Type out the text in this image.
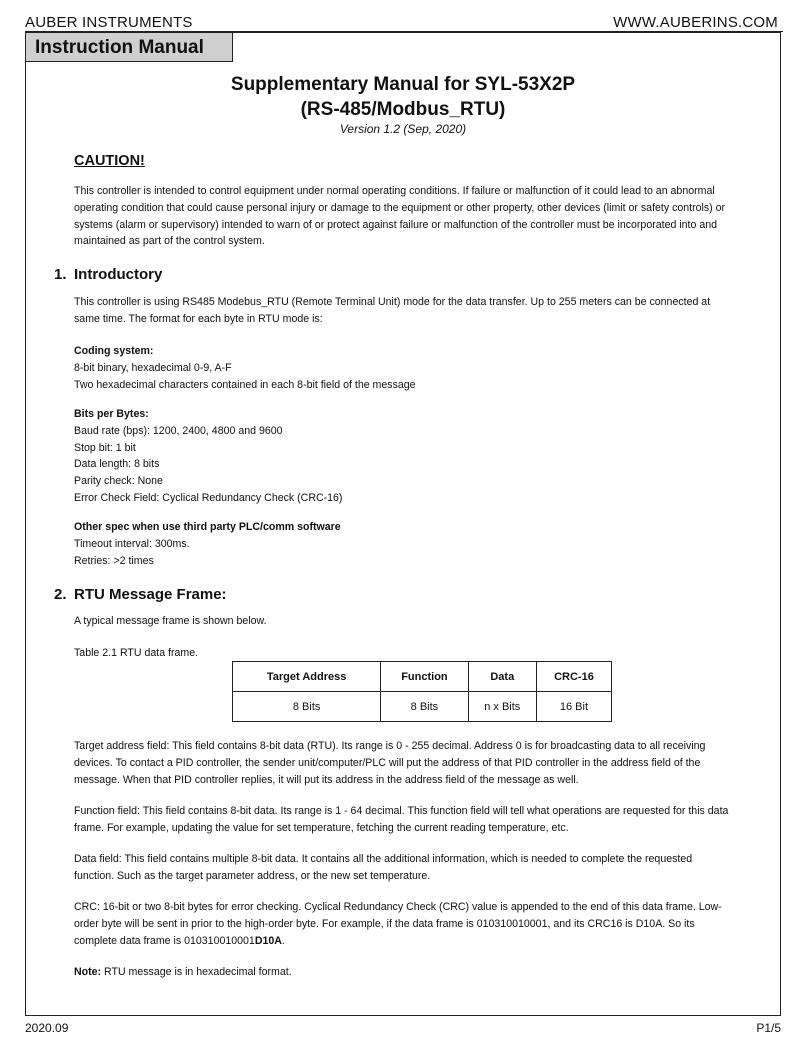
AUBER INSTRUMENTS	WWW.AUBERINS.COM
Instruction Manual
Supplementary Manual for SYL-53X2P
(RS-485/Modbus_RTU)
Version 1.2 (Sep, 2020)
CAUTION!

This controller is intended to control equipment under normal operating conditions. If failure or malfunction of it could lead to an abnormal operating condition that could cause personal injury or damage to the equipment or other property, other devices (limit or safety controls) or systems (alarm or supervisory) intended to warn of or protect against failure or malfunction of the controller must be incorporated into and maintained as part of the control system.

1. Introductory

This controller is using RS485 Modebus_RTU (Remote Terminal Unit) mode for the data transfer. Up to 255 meters can be connected at same time. The format for each byte in RTU mode is:

Coding system:
8-bit binary, hexadecimal 0-9, A-F
Two hexadecimal characters contained in each 8-bit field of the message
Bits per Bytes:
Baud rate (bps): 1200, 2400, 4800 and 9600
Stop bit: 1 bit
Data length: 8 bits
Parity check: None
Error Check Field: Cyclical Redundancy Check (CRC-16)
Other spec when use third party PLC/comm software
Timeout interval: 300ms.
Retries: >2 times
2. RTU Message Frame:

A typical message frame is shown below.

Table 2.1 RTU data frame.

Target Address	Function	Data	CRC-16
8 Bits	8 Bits	n x Bits	16 Bit

Target address field: This field contains 8-bit data (RTU). Its range is 0 - 255 decimal. Address 0 is for broadcasting data to all receiving devices. To contact a PID controller, the sender unit/computer/PLC will put the address of that PID controller in the address field of the message. When that PID controller replies, it will put its address in the address field of the message as well.

Function field: This field contains 8-bit data. Its range is 1 - 64 decimal. This function field will tell what operations are requested for this data frame. For example, updating the value for set temperature, fetching the current reading temperature, etc.

Data field: This field contains multiple 8-bit data. It contains all the additional information, which is needed to complete the requested function. Such as the target parameter address, or the new set temperature.

CRC: 16-bit or two 8-bit bytes for error checking. Cyclical Redundancy Check (CRC) value is appended to the end of this data frame. Low-order byte will be sent in prior to the high-order byte. For example, if the data frame is 010310010001, and its CRC16 is D10A. So its complete data frame is 010310010001D10A.

Note: RTU message is in hexadecimal format.

2020.09	P1/5
